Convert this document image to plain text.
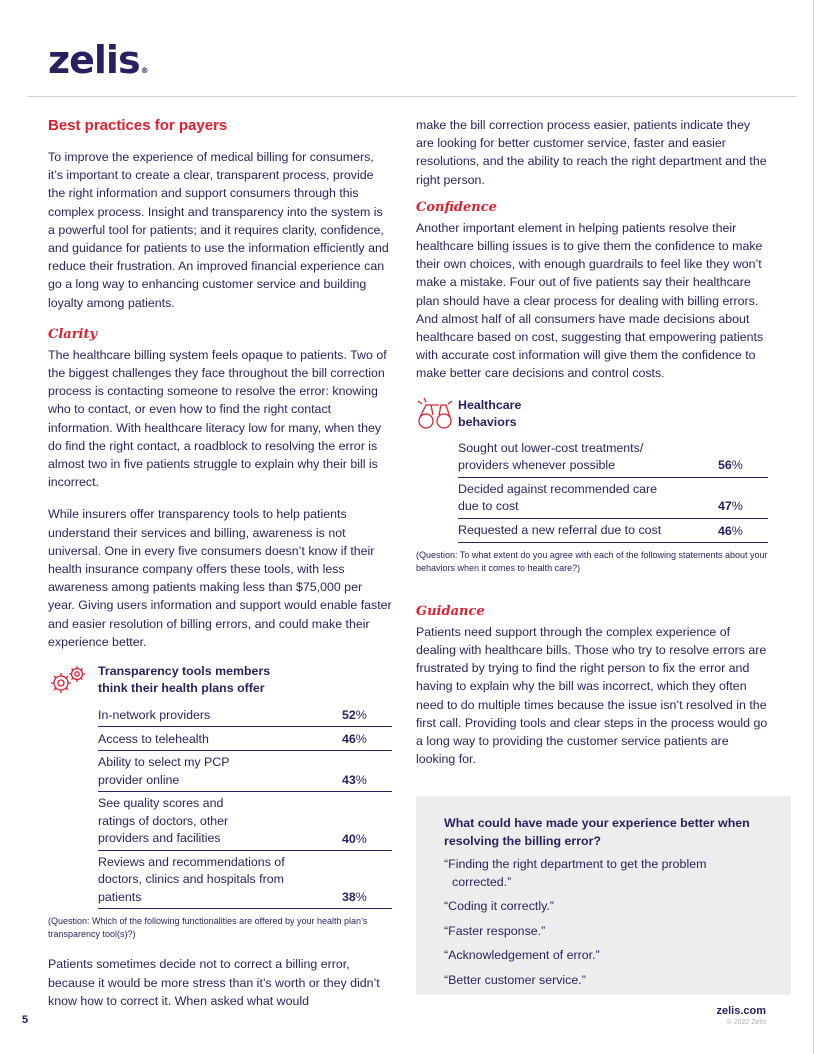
zelis®
Best practices for payers

To improve the experience of medical billing for consumers, it’s important to create a clear, transparent process, provide the right information and support consumers through this complex process. Insight and transparency into the system is a powerful tool for patients; and it requires clarity, confidence, and guidance for patients to use the information efficiently and reduce their frustration. An improved financial experience can go a long way to enhancing customer service and building loyalty among patients.

Clarity

The healthcare billing system feels opaque to patients. Two of the biggest challenges they face throughout the bill correction process is contacting someone to resolve the error: knowing who to contact, or even how to find the right contact information. With healthcare literacy low for many, when they do find the right contact, a roadblock to resolving the error is almost two in five patients struggle to explain why their bill is incorrect.

While insurers offer transparency tools to help patients understand their services and billing, awareness is not universal. One in every five consumers doesn’t know if their health insurance company offers these tools, with less awareness among patients making less than $75,000 per year. Giving users information and support would enable faster and easier resolution of billing errors, and could make their experience better.

Transparency tools members think their health plans offer
In-network providers	52%
Access to telehealth	46%
Ability to select my PCP provider online	43%
See quality scores and ratings of doctors, other providers and facilities	40%
Reviews and recommendations of doctors, clinics and hospitals from patients	38%
(Question: Which of the following functionalities are offered by your health plan’s transparency tool(s)?)

Patients sometimes decide not to correct a billing error, because it would be more stress than it’s worth or they didn’t know how to correct it. When asked what would

make the bill correction process easier, patients indicate they are looking for better customer service, faster and easier resolutions, and the ability to reach the right department and the right person.

Confidence

Another important element in helping patients resolve their healthcare billing issues is to give them the confidence to make their own choices, with enough guardrails to feel like they won’t make a mistake. Four out of five patients say their healthcare plan should have a clear process for dealing with billing errors. And almost half of all consumers have made decisions about healthcare based on cost, suggesting that empowering patients with accurate cost information will give them the confidence to make better care decisions and control costs.

Healthcare behaviors
Sought out lower-cost treatments/ providers whenever possible	56%
Decided against recommended care due to cost	47%
Requested a new referral due to cost	46%
(Question: To what extent do you agree with each of the following statements about your behaviors when it comes to health care?)
Guidance

Patients need support through the complex experience of dealing with healthcare bills. Those who try to resolve errors are frustrated by trying to find the right person to fix the error and having to explain why the bill was incorrect, which they often need to do multiple times because the issue isn’t resolved in the first call. Providing tools and clear steps in the process would go a long way to providing the customer service patients are looking for.

What could have made your experience better when resolving the billing error?
“Finding the right department to get the problem
corrected.”
“Coding it correctly.”
“Faster response.”
“Acknowledgement of error.”
“Better customer service.”
5
zelis.com
© 2022 Zelis
